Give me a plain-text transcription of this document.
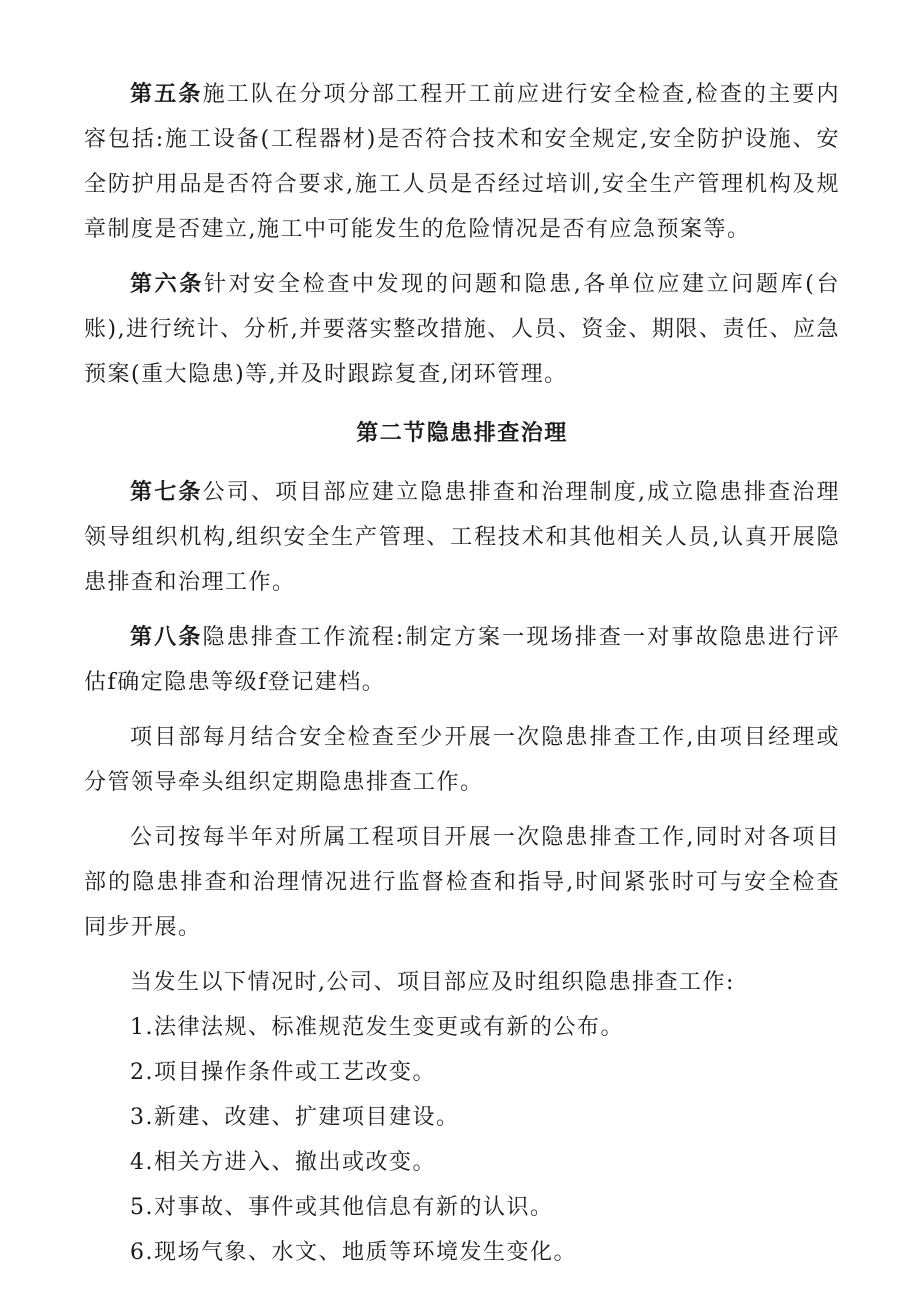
第五条施工队在分项分部工程开工前应进行安全检查,检查的主要内容包括:施工设备(工程器材)是否符合技术和安全规定,安全防护设施、安全防护用品是否符合要求,施工人员是否经过培训,安全生产管理机构及规章制度是否建立,施工中可能发生的危险情况是否有应急预案等。

第六条针对安全检查中发现的问题和隐患,各单位应建立问题库(台账),进行统计、分析,并要落实整改措施、人员、资金、期限、责任、应急预案(重大隐患)等,并及时跟踪复查,闭环管理。

第二节隐患排查治理

第七条公司、项目部应建立隐患排查和治理制度,成立隐患排查治理领导组织机构,组织安全生产管理、工程技术和其他相关人员,认真开展隐患排查和治理工作。

第八条隐患排查工作流程:制定方案一现场排查一对事故隐患进行评估f确定隐患等级f登记建档。

项目部每月结合安全检查至少开展一次隐患排查工作,由项目经理或分管领导牵头组织定期隐患排查工作。

公司按每半年对所属工程项目开展一次隐患排查工作,同时对各项目部的隐患排查和治理情况进行监督检查和指导,时间紧张时可与安全检查同步开展。

当发生以下情况时,公司、项目部应及时组织隐患排查工作:

1.法律法规、标准规范发生变更或有新的公布。

2.项目操作条件或工艺改变。

3.新建、改建、扩建项目建设。

4.相关方进入、撤出或改变。

5.对事故、事件或其他信息有新的认识。

6.现场气象、水文、地质等环境发生变化。
